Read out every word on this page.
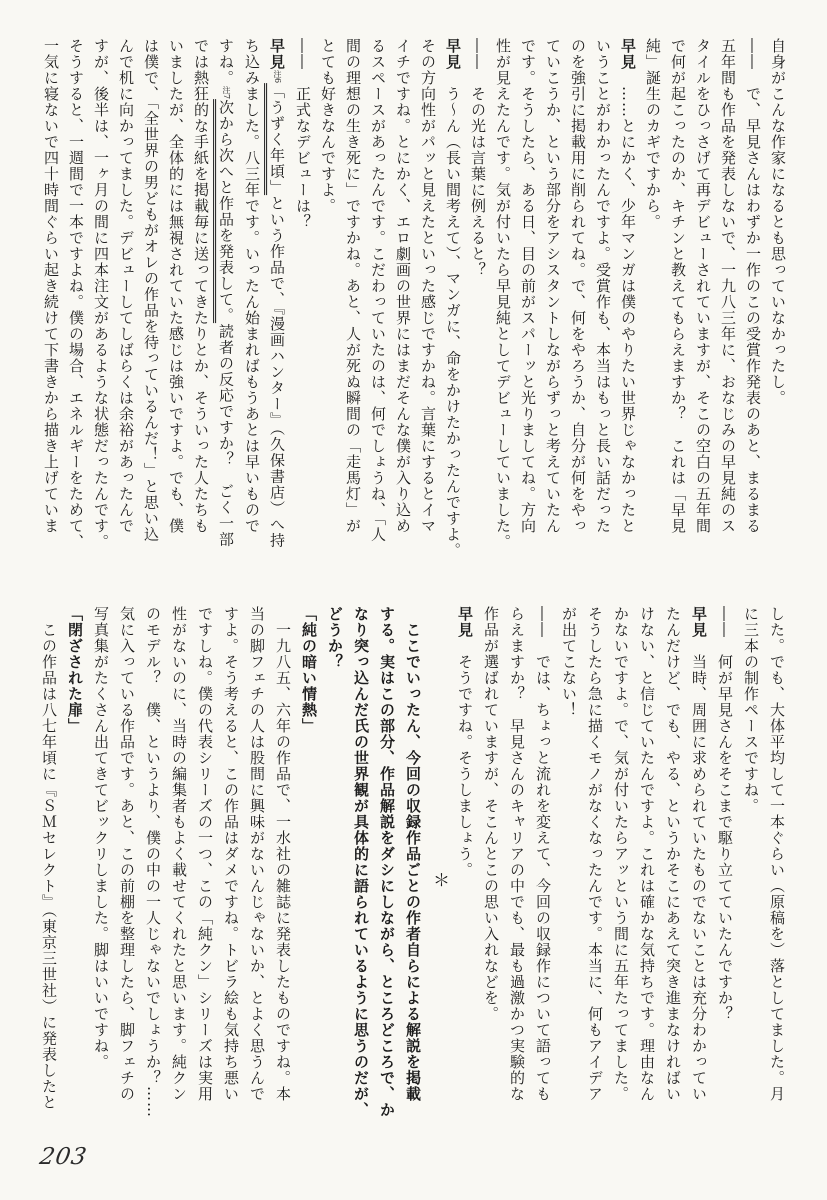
自身がこんな作家になるとも思っていなかったし。
――　で、早見さんはわずか一作のこの受賞作発表のあと、まるまる
五年間も作品を発表しないで、一九八三年に、おなじみの早見純のス
タイルをひっさげて再デビューされていますが、そこの空白の五年間
で何が起こったのか、キチンと教えてもらえますか？　これは「早見
純」誕生のカギですから。
早見　……とにかく、少年マンガは僕のやりたい世界じゃなかったと
いうことがわかったんですよ。受賞作も、本当はもっと長い話だった
のを強引に掲載用に削られてね。で、何をやろうか、自分が何をやっ
ていこうか、という部分をアシスタントしながらずっと考えていたん
です。そうしたら、ある日、目の前がスパーッと光りましてね。方向
性が見えたんです。気が付いたら早見純としてデビューしていました。
――　その光は言葉に例えると？
早見　う〜ん（長い間考えて）、マンガに、命をかけたかったんですよ。
その方向性がパッと見えたといった感じですかね。言葉にするとイマ
イチですね。とにかく、エロ劇画の世界にはまだそんな僕が入り込め
るスペースがあったんです。こだわっていたのは、何でしょうね、「人
間の理想の生き死に」ですかね。あと、人が死ぬ瞬間の「走馬灯」が
とても好きなんですよ。
――　正式なデビューは？
早見注6「うずく年頃」という作品で、『漫画ハンター』（久保書店）へ持
ち込みました。八三年です。いったん始まればもうあとは早いもので
すね。注7次から次へと作品を発表して。読者の反応ですか？　ごく一部
では熱狂的な手紙を掲載毎に送ってきたりとか、そういった人たちも
いましたが、全体的には無視されていた感じは強いですよ。でも、僕
は僕で、「全世界の男どもがオレの作品を待っているんだ！」と思い込
んで机に向かってました。デビューしてしばらくは余裕があったんで
すが、後半は、一ヶ月の間に四本注文があるような状態だったんです。
そうすると、一週間で一本ですよね。僕の場合、エネルギーをためて、
一気に寝ないで四十時間ぐらい起き続けて下書きから描き上げていま
した。でも、大体平均して一本ぐらい（原稿を）落としてました。月
に三本の制作ペースですね。
――　何が早見さんをそこまで駆り立てていたんですか？
早見　当時、周囲に求められていたものでないことは充分わかってい
たんだけど、でも、やる、というかそこにあえて突き進まなければい
けない、と信じていたんですよ。これは確かな気持ちです。理由なん
かないですよ。で、気が付いたらアッという間に五年たってました。
そうしたら急に描くモノがなくなったんです。本当に、何もアイデア
が出てこない！
――　では、ちょっと流れを変えて、今回の収録作について語っても
らえますか？　早見さんのキャリアの中でも、最も過激かつ実験的な
作品が選ばれていますが、そこんとこの思い入れなどを。
早見　そうですね。そうしましょう。
＊
ここでいったん、今回の収録作品ごとの作者自らによる解説を掲載
する。実はこの部分、作品解説をダシにしながら、ところどころで、か
なり突っ込んだ氏の世界観が具体的に語られているように思うのだが、
どうか？
「純の暗い情熱」
一九八五、六年の作品で、一水社の雑誌に発表したものですね。本
当の脚フェチの人は股間に興味がないんじゃないか、とよく思うんで
すよ。そう考えると、この作品はダメですね。トビラ絵も気持ち悪い
ですしね。僕の代表シリーズの一つ、この「純クン」シリーズは実用
性がないのに、当時の編集者もよく載せてくれたと思います。純クン
のモデル？　僕、というより、僕の中の一人じゃないでしょうか？……
気に入っている作品です。あと、この前棚を整理したら、脚フェチの
写真集がたくさん出てきてビックリしました。脚はいいですね。
「閉ざされた扉」
この作品は八七年頃に『ＳＭセレクト』（東京三世社）に発表したと
203
